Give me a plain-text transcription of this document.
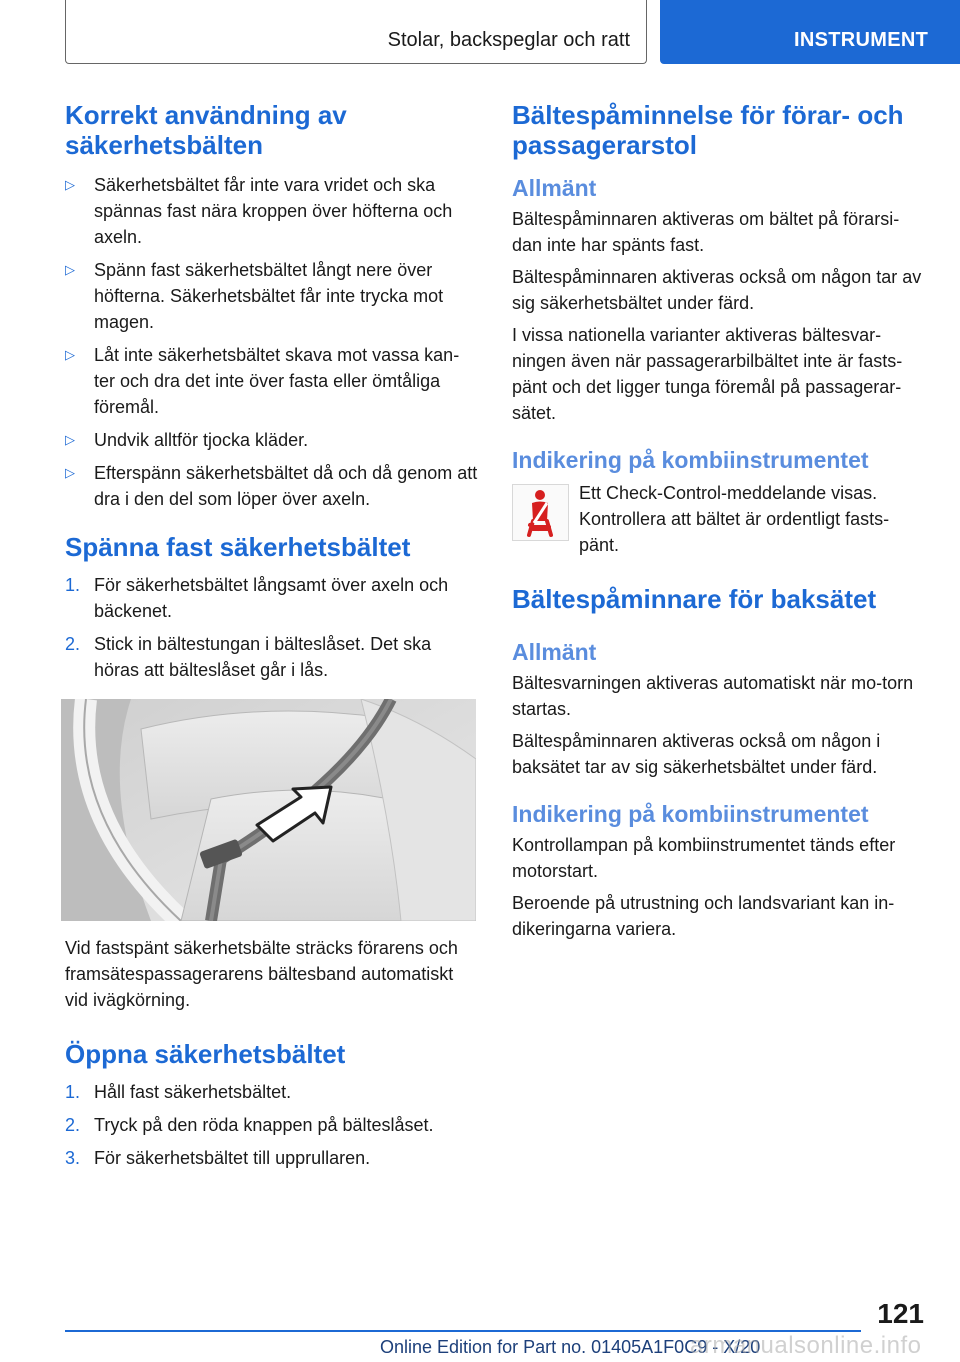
Stolar, backspeglar och ratt	INSTRUMENT
Korrekt användning av säkerhetsbälten
▷ Säkerhetsbältet får inte vara vridet och ska spännas fast nära kroppen över höfterna och axeln.
▷ Spänn fast säkerhetsbältet långt nere över höfterna. Säkerhetsbältet får inte trycka mot magen.
▷ Låt inte säkerhetsbältet skava mot vassa kan-ter och dra det inte över fasta eller ömtåliga föremål.
▷ Undvik alltför tjocka kläder.
▷ Efterspänn säkerhetsbältet då och då genom att dra i den del som löper över axeln.
Spänna fast säkerhetsbältet
1. För säkerhetsbältet långsamt över axeln och bäckenet.
2. Stick in bältestungan i bälteslåset. Det ska höras att bälteslåset går i lås.

Vid fastspänt säkerhetsbälte sträcks förarens och framsätespassagerarens bältesband automatiskt vid ivägkörning.

Öppna säkerhetsbältet
1. Håll fast säkerhetsbältet.
2. Tryck på den röda knappen på bälteslåset.
3. För säkerhetsbältet till upprullaren.
Bältespåminnelse för förar- och passagerarstol
Allmänt

Bältespåminnaren aktiveras om bältet på förarsi-dan inte har spänts fast.

Bältespåminnaren aktiveras också om någon tar av sig säkerhetsbältet under färd.

I vissa nationella varianter aktiveras bältesvar-ningen även när passagerarbilbältet inte är fasts-pänt och det ligger tunga föremål på passagerar-sätet.

Indikering på kombiinstrumentet

Ett Check-Control-meddelande visas. Kontrollera att bältet är ordentligt fasts-pänt.

Bältespåminnare för baksätet
Allmänt

Bältesvarningen aktiveras automatiskt när mo-torn startas.

Bältespåminnaren aktiveras också om någon i baksätet tar av sig säkerhetsbältet under färd.

Indikering på kombiinstrumentet

Kontrollampan på kombiinstrumentet tänds efter motorstart.

Beroende på utrustning och landsvariant kan in-dikeringarna variera.

121
Online Edition for Part no. 01405A1F0C9 - X/20
armanualsonline.info
